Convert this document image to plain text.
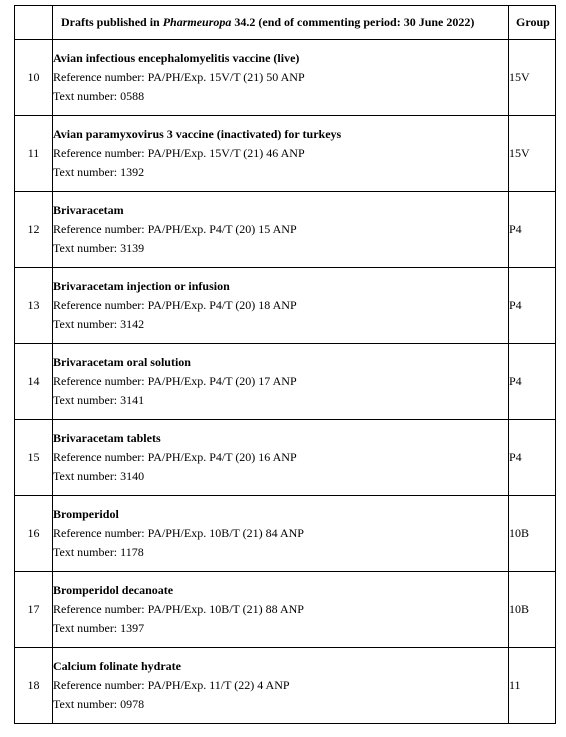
	Drafts published in Pharmeuropa 34.2 (end of commenting period: 30 June 2022)	Group
10	Avian infectious encephalomyelitis vaccine (live)
Reference number: PA/PH/Exp. 15V/T (21) 50 ANP
Text number: 0588	15V
11	Avian paramyxovirus 3 vaccine (inactivated) for turkeys
Reference number: PA/PH/Exp. 15V/T (21) 46 ANP
Text number: 1392	15V
12	Brivaracetam
Reference number: PA/PH/Exp. P4/T (20) 15 ANP
Text number: 3139	P4
13	Brivaracetam injection or infusion
Reference number: PA/PH/Exp. P4/T (20) 18 ANP
Text number: 3142	P4
14	Brivaracetam oral solution
Reference number: PA/PH/Exp. P4/T (20) 17 ANP
Text number: 3141	P4
15	Brivaracetam tablets
Reference number: PA/PH/Exp. P4/T (20) 16 ANP
Text number: 3140	P4
16	Bromperidol
Reference number: PA/PH/Exp. 10B/T (21) 84 ANP
Text number: 1178	10B
17	Bromperidol decanoate
Reference number: PA/PH/Exp. 10B/T (21) 88 ANP
Text number: 1397	10B
18	Calcium folinate hydrate
Reference number: PA/PH/Exp. 11/T (22) 4 ANP
Text number: 0978	11
